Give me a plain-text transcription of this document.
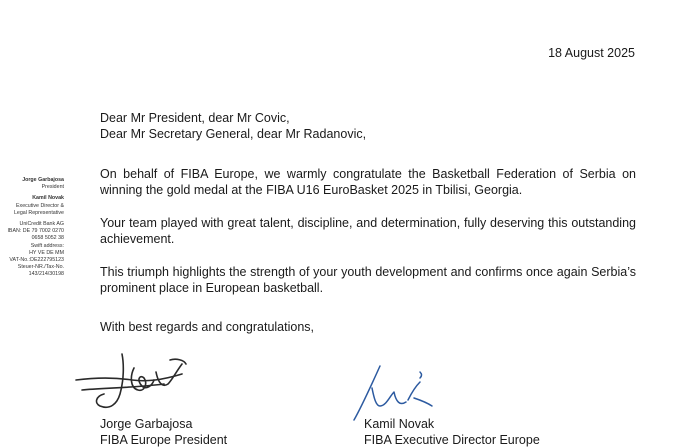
18 August 2025
Jorge Garbajosa
President
Kamil Novak
Executive Director &
Legal Representative
UniCredit Bank AG
IBAN: DE 79 7002 0270
0658 5052 38
Swift address:
HY VE DE MM
VAT-No.:DE222795123
Steuer-NR./Tax-No.
143/214/30198

Dear Mr President, dear Mr Covic,

Dear Mr Secretary General, dear Mr Radanovic,

On behalf of FIBA Europe, we warmly congratulate the Basketball Federation of Serbia on winning the gold medal at the FIBA U16 EuroBasket 2025 in Tbilisi, Georgia.

Your team played with great talent, discipline, and determination, fully deserving this outstanding achievement.

This triumph highlights the strength of your youth development and confirms once again Serbia’s prominent place in European basketball.

With best regards and congratulations,
Jorge Garbajosa
FIBA Europe President
Kamil Novak
FIBA Executive Director Europe
